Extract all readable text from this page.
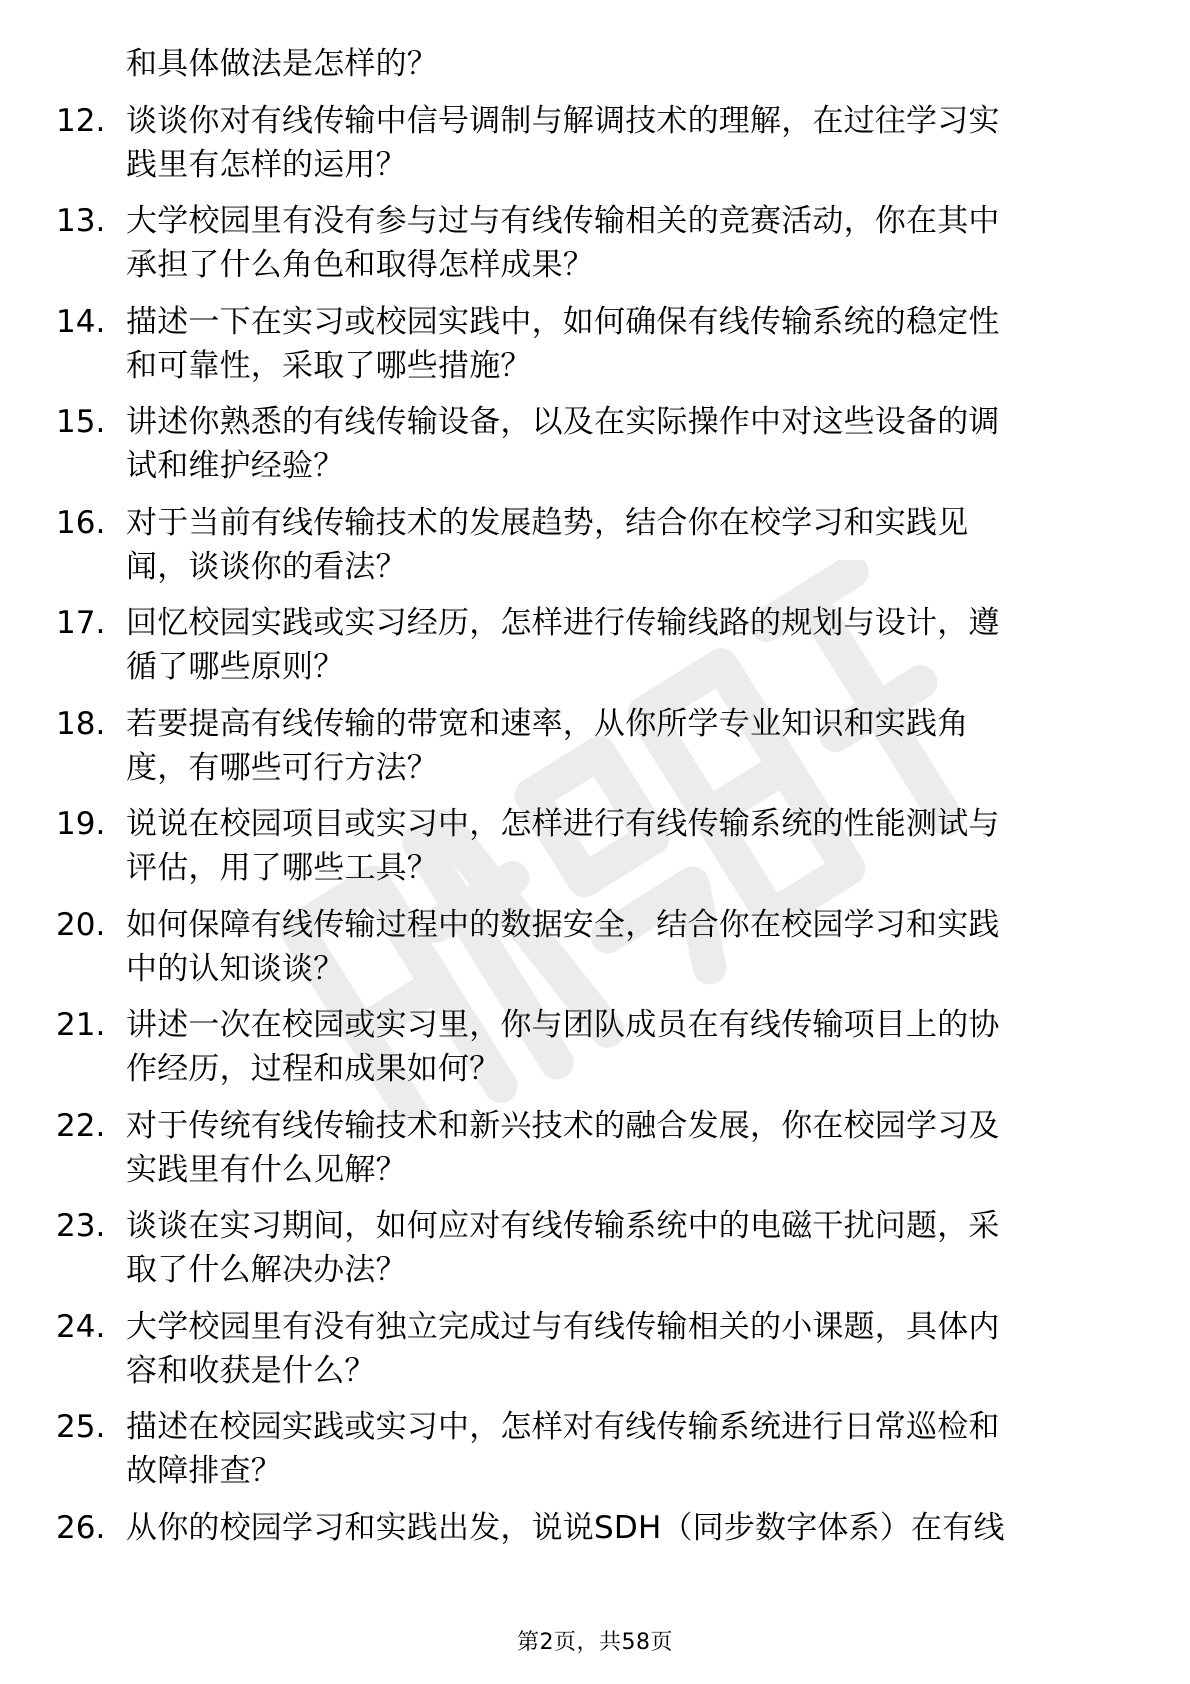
和具体做法是怎样的？
12. 谈谈你对有线传输中信号调制与解调技术的理解，在过往学习实
践里有怎样的运用？
13. 大学校园里有没有参与过与有线传输相关的竞赛活动，你在其中
承担了什么角色和取得怎样成果？
14. 描述一下在实习或校园实践中，如何确保有线传输系统的稳定性
和可靠性，采取了哪些措施？
15. 讲述你熟悉的有线传输设备，以及在实际操作中对这些设备的调
试和维护经验？
16. 对于当前有线传输技术的发展趋势，结合你在校学习和实践见
闻，谈谈你的看法？
17. 回忆校园实践或实习经历，怎样进行传输线路的规划与设计，遵
循了哪些原则？
18. 若要提高有线传输的带宽和速率，从你所学专业知识和实践角
度，有哪些可行方法？
19. 说说在校园项目或实习中，怎样进行有线传输系统的性能测试与
评估，用了哪些工具？
20. 如何保障有线传输过程中的数据安全，结合你在校园学习和实践
中的认知谈谈？
21. 讲述一次在校园或实习里，你与团队成员在有线传输项目上的协
作经历，过程和成果如何？
22. 对于传统有线传输技术和新兴技术的融合发展，你在校园学习及
实践里有什么见解？
23. 谈谈在实习期间，如何应对有线传输系统中的电磁干扰问题，采
取了什么解决办法？
24. 大学校园里有没有独立完成过与有线传输相关的小课题，具体内
容和收获是什么？
25. 描述在校园实践或实习中，怎样对有线传输系统进行日常巡检和
故障排查？
26. 从你的校园学习和实践出发，说说SDH（同步数字体系）在有线
第2页，共58页
